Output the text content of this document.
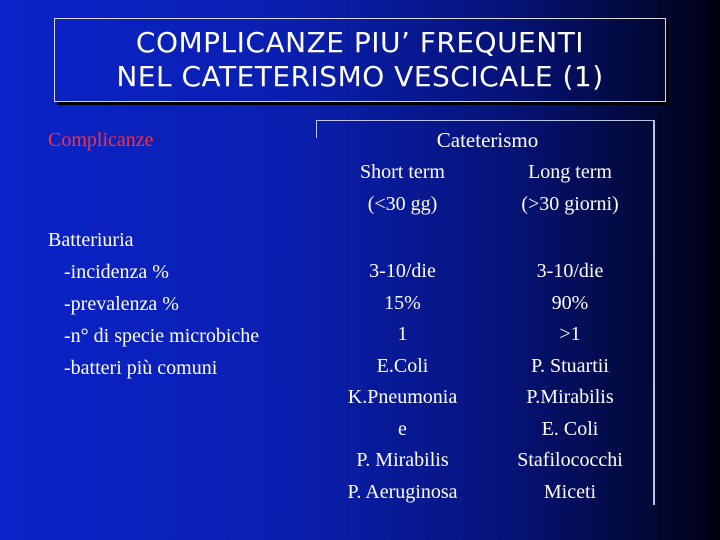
COMPLICANZE PIU’ FREQUENTI
NEL CATETERISMO VESCICALE (1)
Complicanze	Cateterismo
Short term
(<30 gg)
Long term
(>30 giorni)
Batteriuria
-incidenza %
-prevalenza %
-n° di specie microbiche
-batteri più comuni
3-10/die
15%
1
E.Coli
K.Pneumonia
e
P. Mirabilis
P. Aeruginosa
3-10/die
90%
>1
P. Stuartii
P.Mirabilis
E. Coli
Stafilococchi
Miceti
